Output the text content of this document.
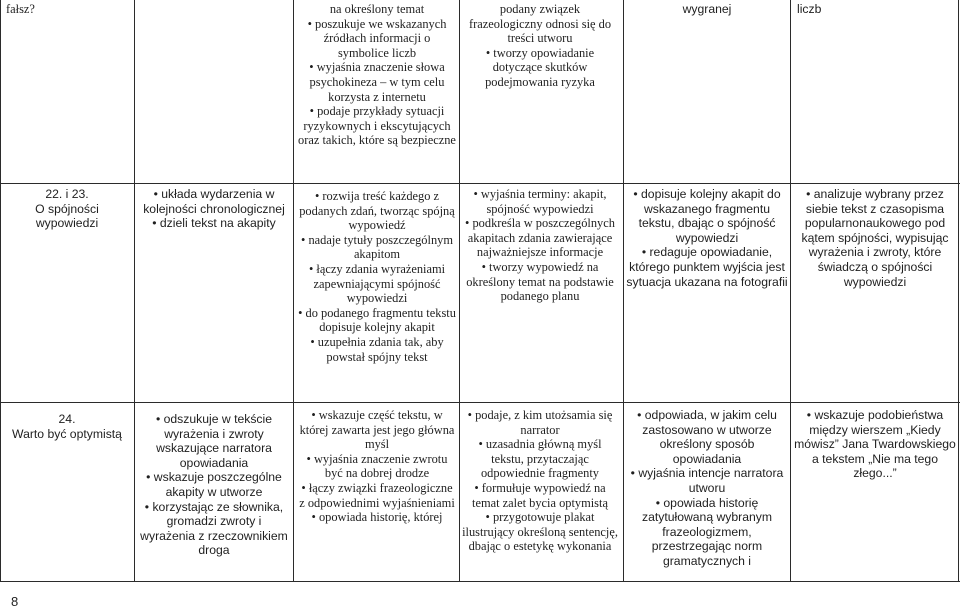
fałsz?	na określony temat
• poszukuje we wskazanych źródłach informacji o symbolice liczb
• wyjaśnia znaczenie słowa psychokineza – w tym celu korzysta z internetu
• podaje przykłady sytuacji ryzykownych i ekscytujących oraz takich, które są bezpieczne
podany związek frazeologiczny odnosi się do treści utworu
• tworzy opowiadanie dotyczące skutków podejmowania ryzyka
wygranej	liczb
22. i 23.
O spójności
wypowiedzi
• układa wydarzenia w kolejności chronologicznej
• dzieli tekst na akapity
• rozwija treść każdego z podanych zdań, tworząc spójną wypowiedź
• nadaje tytuły poszczególnym akapitom
• łączy zdania wyrażeniami zapewniającymi spójność wypowiedzi
• do podanego fragmentu tekstu dopisuje kolejny akapit
• uzupełnia zdania tak, aby powstał spójny tekst
• wyjaśnia terminy: akapit, spójność wypowiedzi
• podkreśla w poszczególnych akapitach zdania zawierające najważniejsze informacje
• tworzy wypowiedź na określony temat na podstawie podanego planu
• dopisuje kolejny akapit do wskazanego fragmentu tekstu, dbając o spójność wypowiedzi
• redaguje opowiadanie, którego punktem wyjścia jest sytuacja ukazana na fotografii
• analizuje wybrany przez siebie tekst z czasopisma popularnonaukowego pod kątem spójności, wypisując wyrażenia i zwroty, które świadczą o spójności wypowiedzi
24.
Warto być optymistą
• odszukuje w tekście wyrażenia i zwroty wskazujące narratora opowiadania
• wskazuje poszczególne akapity w utworze
• korzystając ze słownika, gromadzi zwroty i wyrażenia z rzeczownikiem droga
• wskazuje część tekstu, w której zawarta jest jego główna myśl
• wyjaśnia znaczenie zwrotu być na dobrej drodze
• łączy związki frazeologiczne z odpowiednimi wyjaśnieniami
• opowiada historię, której
• podaje, z kim utożsamia się narrator
• uzasadnia główną myśl tekstu, przytaczając odpowiednie fragmenty
• formułuje wypowiedź na temat zalet bycia optymistą
• przygotowuje plakat ilustrujący określoną sentencję, dbając o estetykę wykonania
• odpowiada, w jakim celu zastosowano w utworze określony sposób opowiadania
• wyjaśnia intencje narratora utworu
• opowiada historię zatytułowaną wybranym frazeologizmem, przestrzegając norm gramatycznych i
• wskazuje podobieństwa między wierszem „Kiedy mówisz” Jana Twardowskiego a tekstem „Nie ma tego złego...”
8
